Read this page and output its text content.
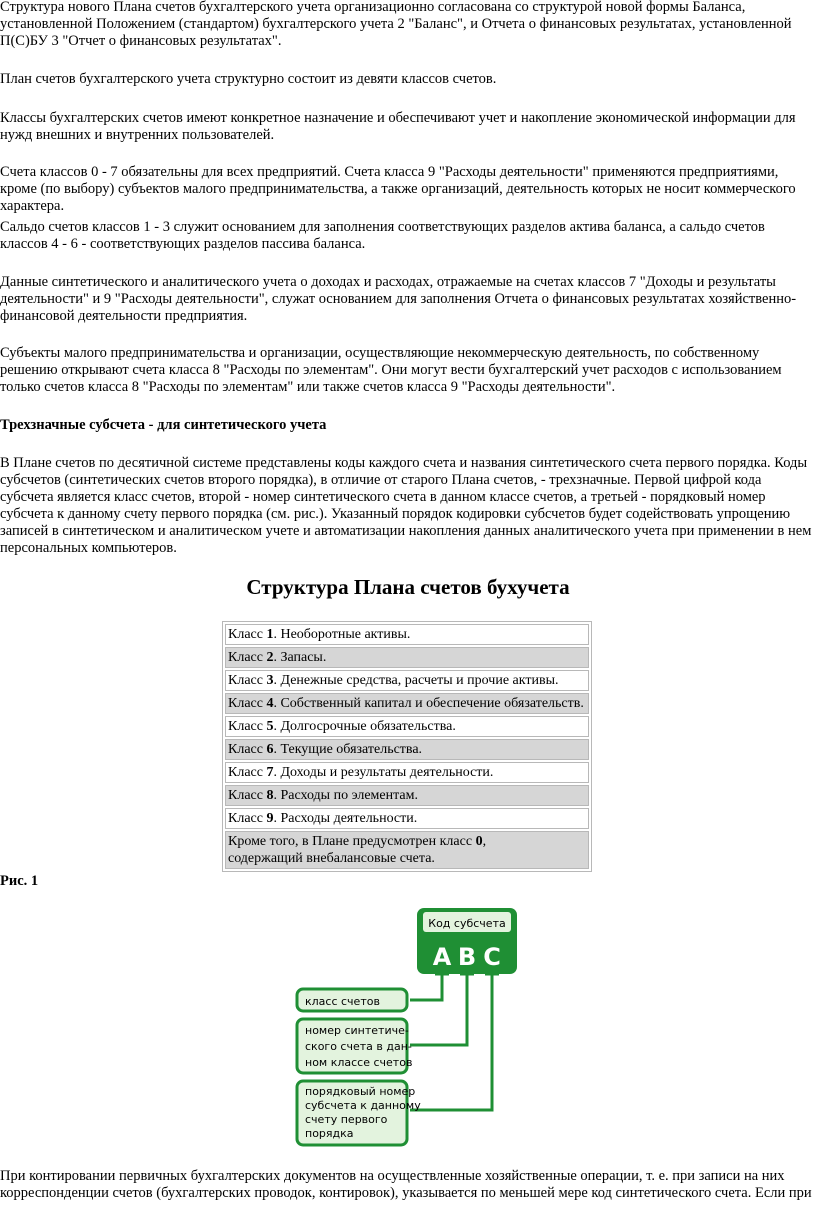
Структура нового Плана счетов бухгалтерского учета организационно согласована со структурой новой формы Баланса, установленной Положением (стандартом) бухгалтерского учета 2 "Баланс", и Отчета о финансовых результатах, установленной П(С)БУ 3 "Отчет о финансовых результатах".

План счетов бухгалтерского учета структурно состоит из девяти классов счетов.

Классы бухгалтерских счетов имеют конкретное назначение и обеспечивают учет и накопление экономической информации для нужд внешних и внутренних пользователей.

Счета классов 0 - 7 обязательны для всех предприятий. Счета класса 9 "Расходы деятельности" применяются предприятиями, кроме (по выбору) субъектов малого предпринимательства, а также организаций, деятельность которых не носит коммерческого характера.

Сальдо счетов классов 1 - 3 служит основанием для заполнения соответствующих разделов актива баланса, а сальдо счетов классов 4 - 6 - соответствующих разделов пассива баланса.

Данные синтетического и аналитического учета о доходах и расходах, отражаемые на счетах классов 7 "Доходы и результаты деятельности" и 9 "Расходы деятельности", служат основанием для заполнения Отчета о финансовых результатах хозяйственно-финансовой деятельности предприятия.

Субъекты малого предпринимательства и организации, осуществляющие некоммерческую деятельность, по собственному решению открывают счета класса 8 "Расходы по элементам". Они могут вести бухгалтерский учет расходов с использованием только счетов класса 8 "Расходы по элементам" или также счетов класса 9 "Расходы деятельности".

Трехзначные субсчета - для синтетического учета

В Плане счетов по десятичной системе представлены коды каждого счета и названия синтетического счета первого порядка. Коды субсчетов (синтетических счетов второго порядка), в отличие от старого Плана счетов, - трехзначные. Первой цифрой кода субсчета является класс счетов, второй - номер синтетического счета в данном классе счетов, а третьей - порядковый номер субсчета к данному счету первого порядка (см. рис.). Указанный порядок кодировки субсчетов будет содействовать упрощению записей в синтетическом и аналитическом учете и автоматизации накопления данных аналитического учета при применении в нем персональных компьютеров.

Структура Плана счетов бухучета
Класс 1. Необоротные активы.
Класс 2. Запасы.
Класс 3. Денежные средства, расчеты и прочие активы.
Класс 4. Собственный капитал и обеспечение обязательств.
Класс 5. Долгосрочные обязательства.
Класс 6. Текущие обязательства.
Класс 7. Доходы и результаты деятельности.
Класс 8. Расходы по элементам.
Класс 9. Расходы деятельности.
Кроме того, в Плане предусмотрен класс 0,
содержащий внебалансовые счета.

Рис. 1

Код субсчета
A B C
класс счетов
номер синтетиче-
ского счета в дан-
ном классе счетов
порядковый номер
субсчета к данному
счету первого
порядка

При контировании первичных бухгалтерских документов на осуществленные хозяйственные операции, т. е. при записи на них корреспонденции счетов (бухгалтерских проводок, контировок), указывается по меньшей мере код синтетического счета. Если при
